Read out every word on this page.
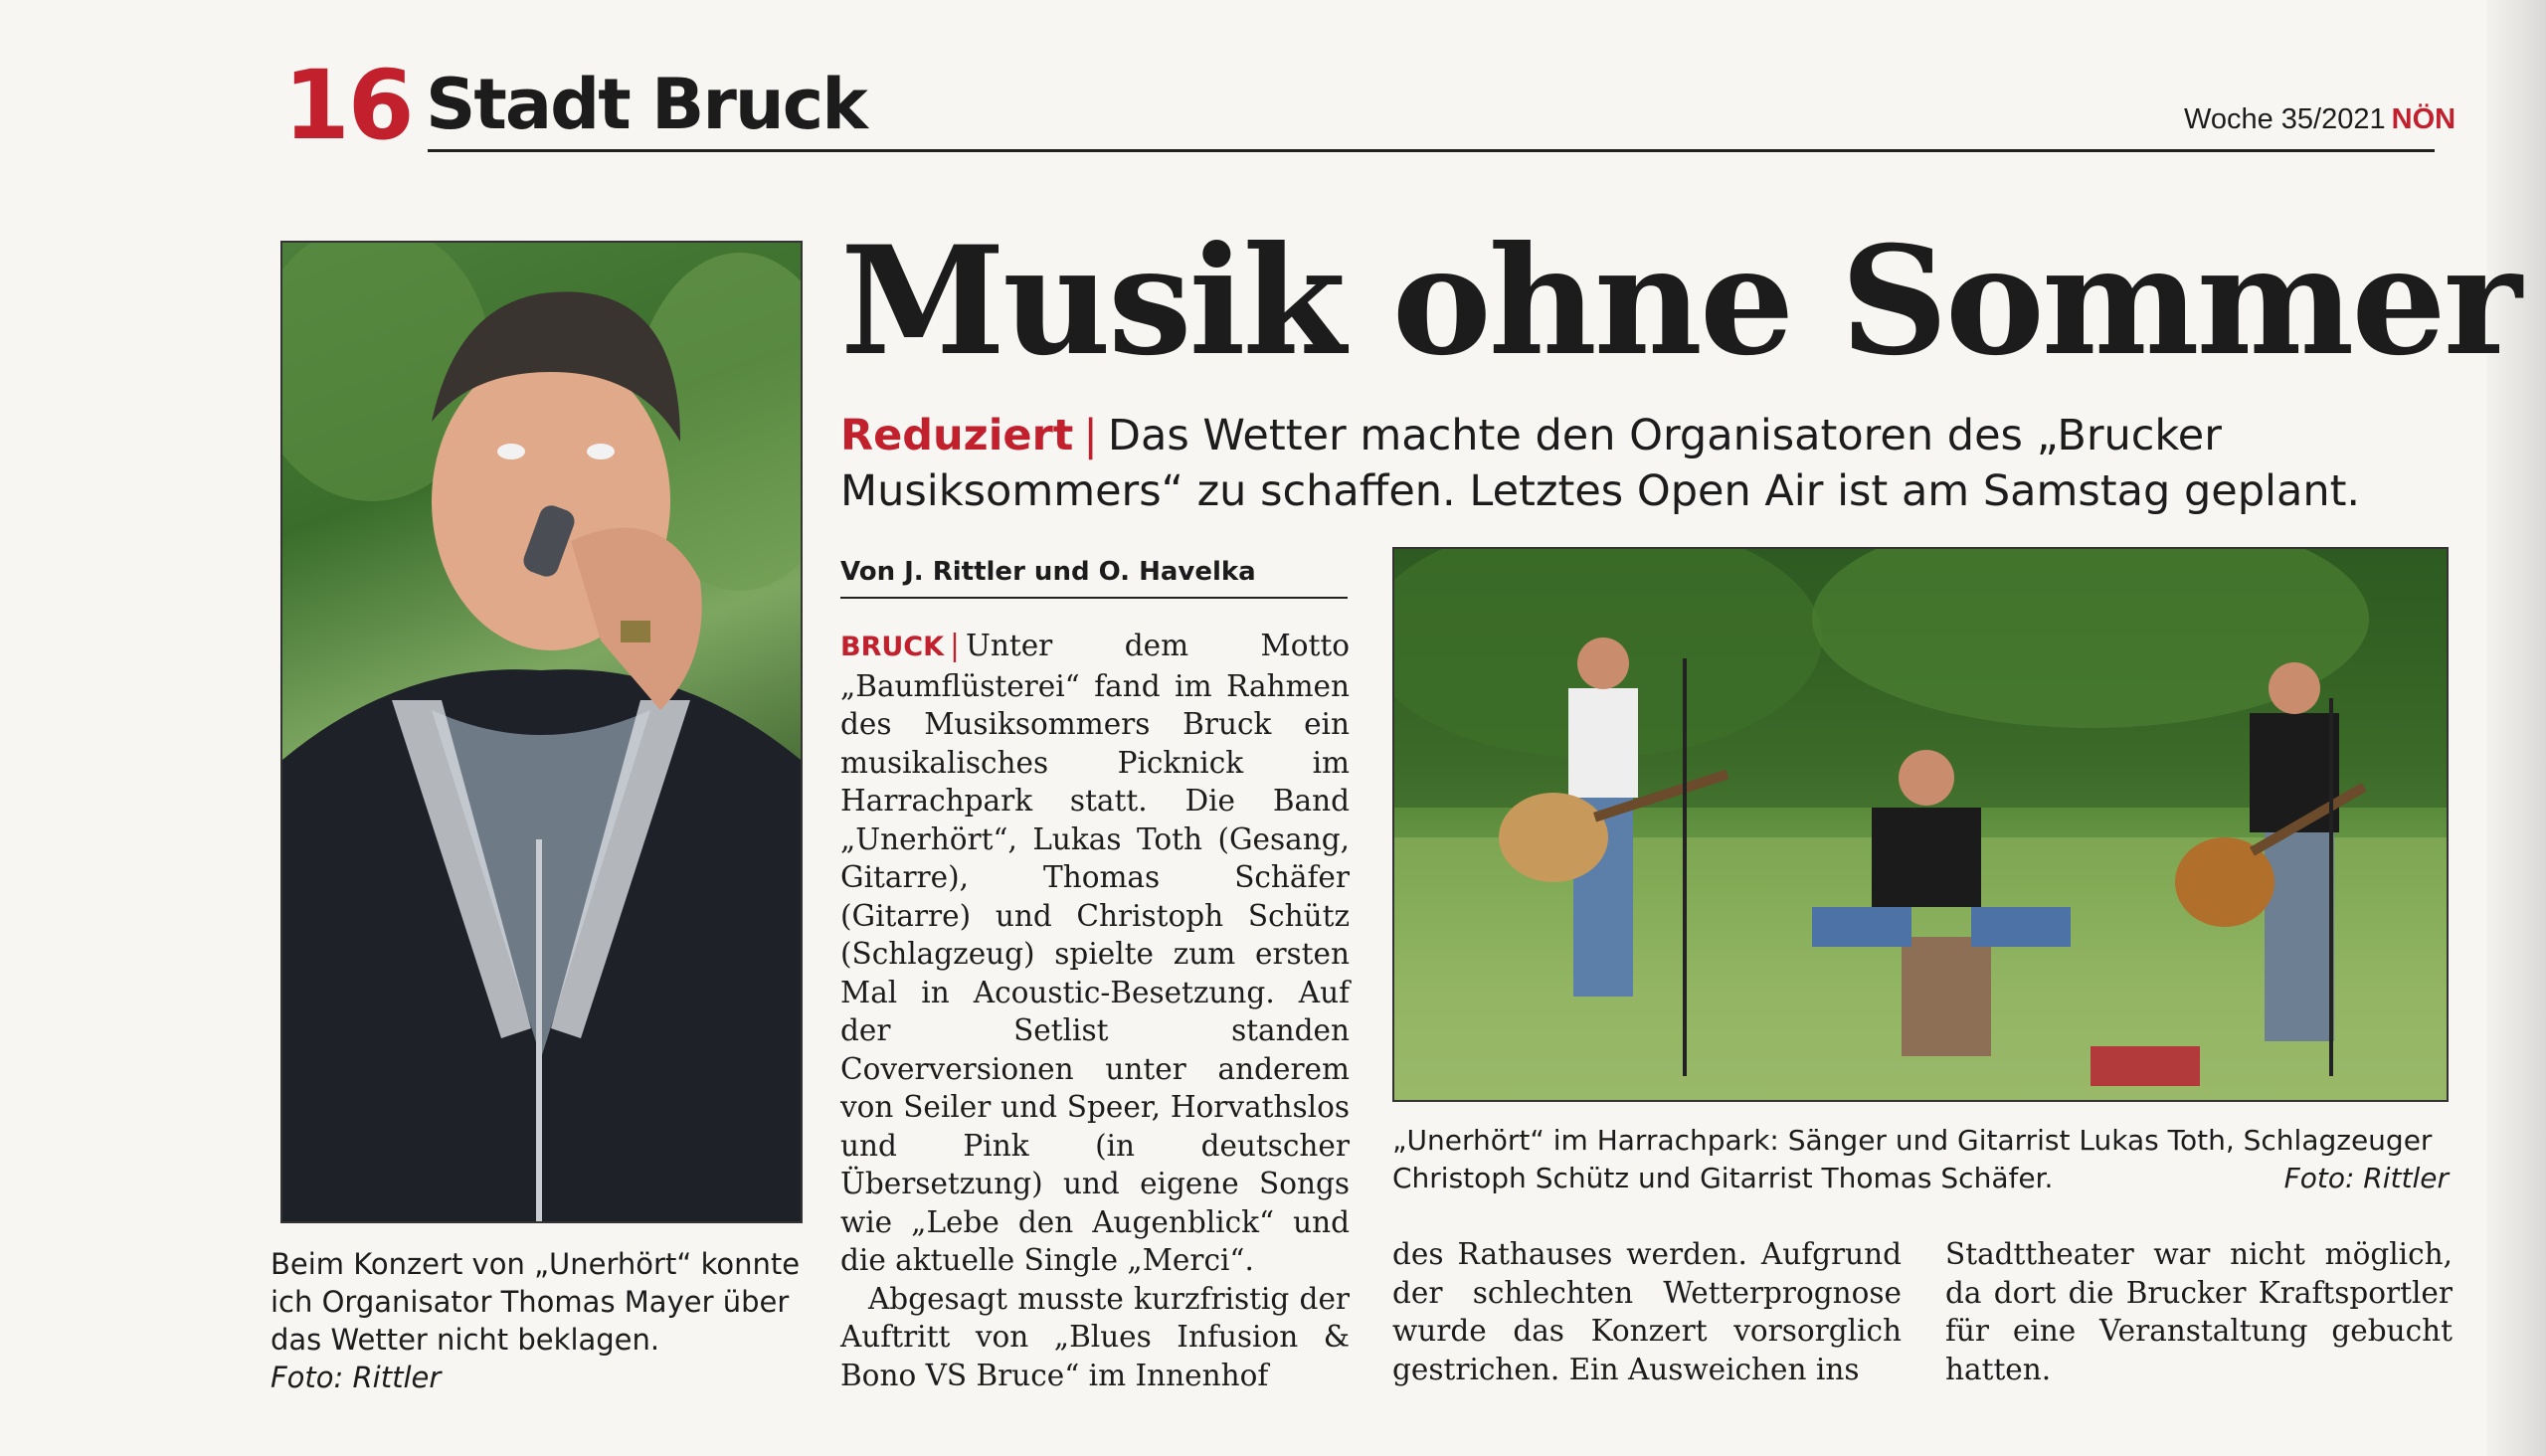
16 Stadt Bruck	Woche 35/2021 NÖN
Musik ohne Sommer
Reduziert | Das Wetter machte den Organisatoren des „Brucker Musiksommers“ zu schaffen. Letztes Open Air ist am Samstag geplant.
Von J. Rittler und O. Havelka

BRUCK | Unter dem Motto „Baumflüsterei“ fand im Rahmen des Musiksommers Bruck ein musikalisches Picknick im Harrachpark statt. Die Band „Unerhört“, Lukas Toth (Gesang, Gitarre), Thomas Schäfer (Gitarre) und Christoph Schütz (Schlagzeug) spielte zum ersten Mal in Acoustic-Besetzung. Auf der Setlist standen Coverversionen unter anderem von Seiler und Speer, Horvathslos und Pink (in deutscher Übersetzung) und eigene Songs wie „Lebe den Augenblick“ und die aktuelle Single „Merci“.

Abgesagt musste kurzfristig der Auftritt von „Blues Infusion & Bono VS Bruce“ im Innenhof

des Rathauses werden. Aufgrund der schlechten Wetterprognose wurde das Konzert vorsorglich gestrichen. Ein Ausweichen ins

Stadttheater war nicht möglich, da dort die Brucker Kraftsportler für eine Veranstaltung gebucht hatten.

Beim Konzert von „Unerhört“ konnte ich Organisator Thomas Mayer über das Wetter nicht beklagen.
Foto: Rittler
„Unerhört“ im Harrachpark: Sänger und Gitarrist Lukas Toth, Schlagzeuger Christoph Schütz und Gitarrist Thomas Schäfer.	Foto: Rittler
